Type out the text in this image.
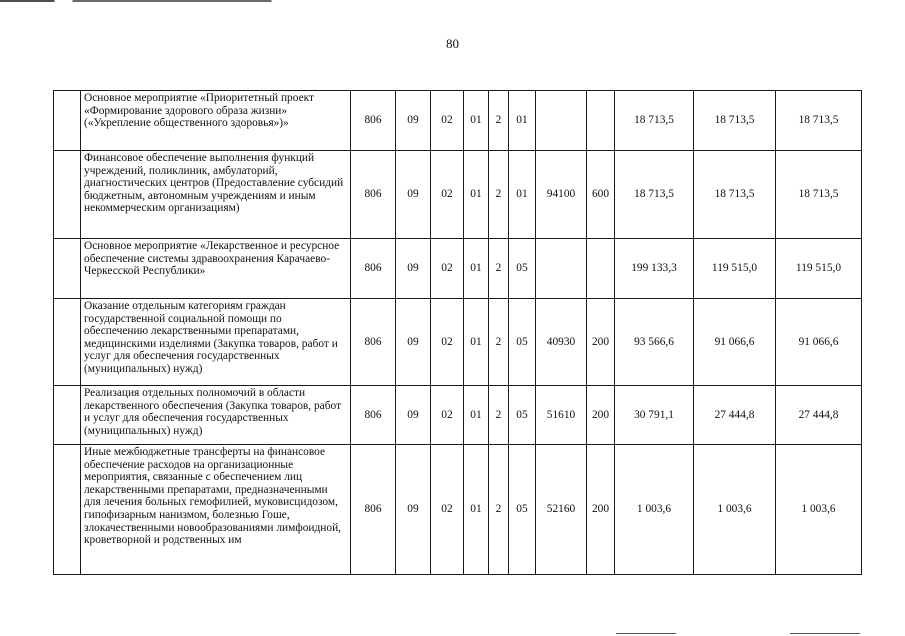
80
	Основное мероприятие «Приоритетный проект «Формирование здорового образа жизни» («Укрепление общественного здоровья»)»	806	09	02	01	2	01			18 713,5	18 713,5	18 713,5
	Финансовое обеспечение выполнения функций учреждений, поликлиник, амбулаторий, диагностических центров (Предоставление субсидий бюджетным, автономным учреждениям и иным некоммерческим организациям)	806	09	02	01	2	01	94100	600	18 713,5	18 713,5	18 713,5
	Основное мероприятие «Лекарственное и ресурсное обеспечение системы здравоохранения Карачаево-Черкесской Республики»	806	09	02	01	2	05			199 133,3	119 515,0	119 515,0
	Оказание отдельным категориям граждан государственной социальной помощи по обеспечению лекарственными препаратами, медицинскими изделиями (Закупка товаров, работ и услуг для обеспечения государственных (муниципальных) нужд)	806	09	02	01	2	05	40930	200	93 566,6	91 066,6	91 066,6
	Реализация отдельных полномочий в области лекарственного обеспечения (Закупка товаров, работ и услуг для обеспечения государственных (муниципальных) нужд)	806	09	02	01	2	05	51610	200	30 791,1	27 444,8	27 444,8
	Иные межбюджетные трансферты на финансовое обеспечение расходов на организационные мероприятия, связанные с обеспечением лиц лекарственными препаратами, предназначенными для лечения больных гемофилией, муковисцидозом, гипофизарным нанизмом, болезнью Гоше, злокачественными новообразованиями лимфоидной, кроветворной и родственных им	806	09	02	01	2	05	52160	200	1 003,6	1 003,6	1 003,6
